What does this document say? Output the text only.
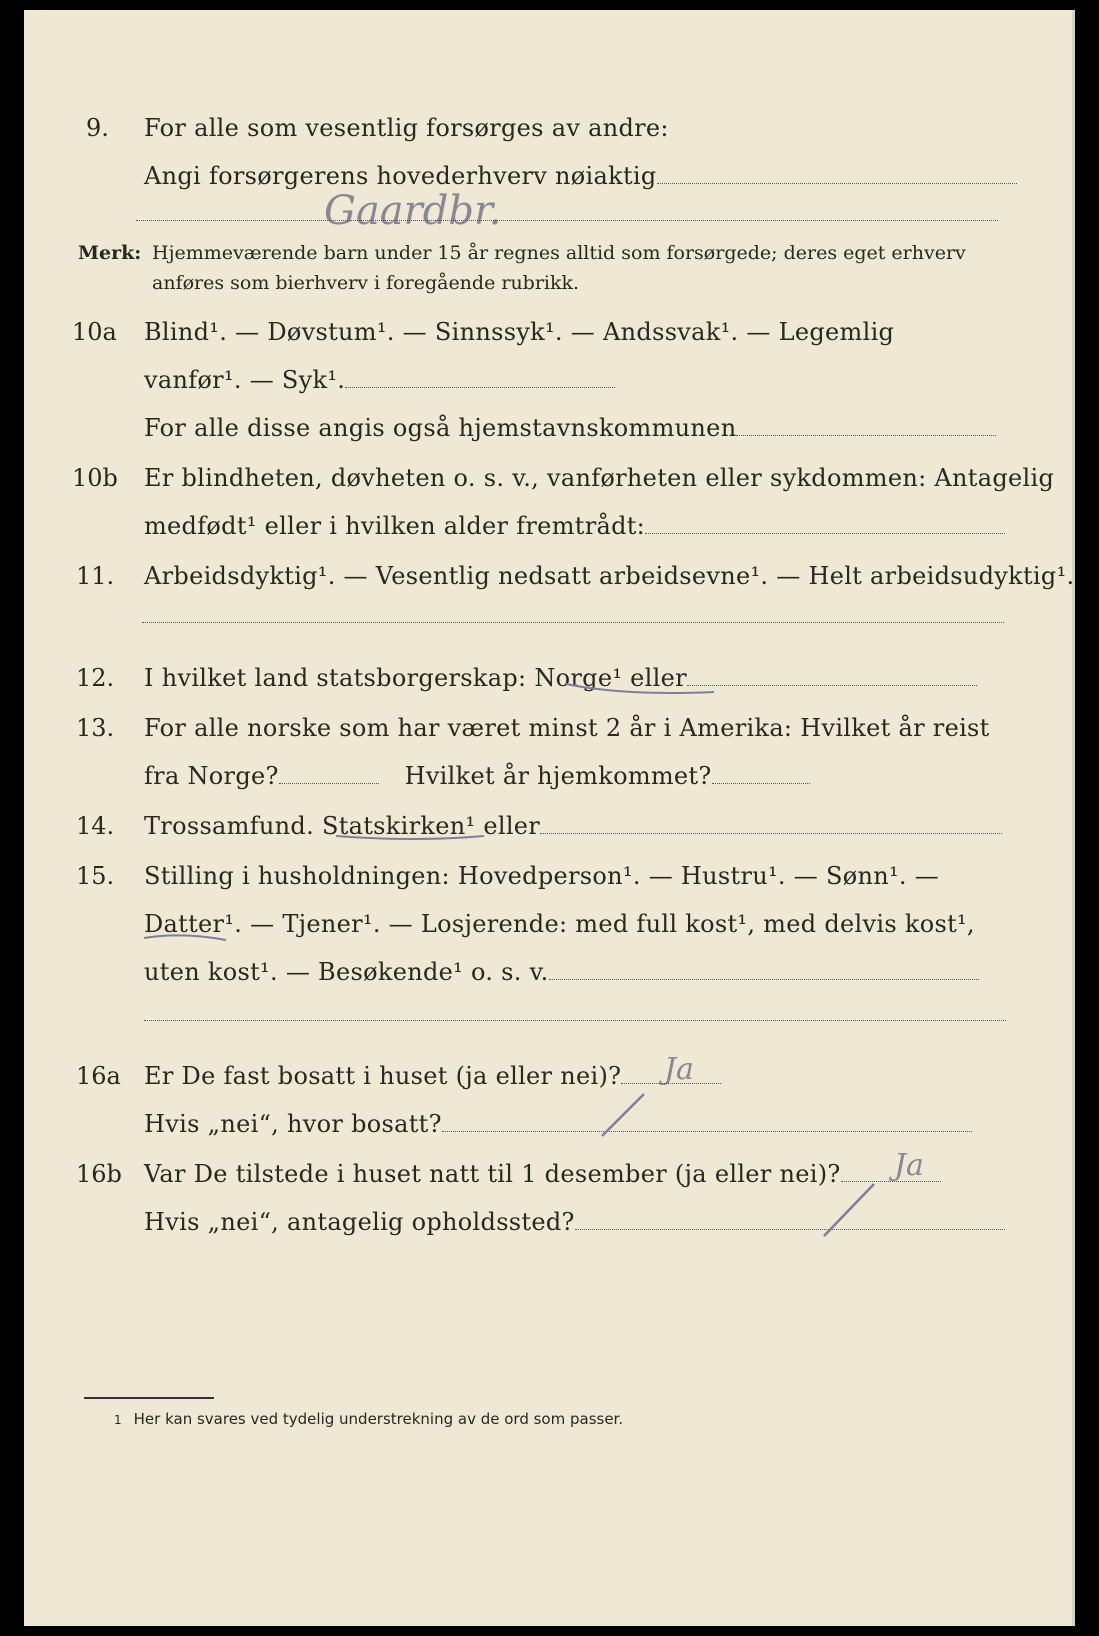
9. For alle som vesentlig forsørges av andre:
Angi forsørgerens hovederhverv nøiaktig
Gaardbr.
Merk: Hjemmeværende barn under 15 år regnes alltid som forsørgede; deres eget erhverv
anføres som bierhverv i foregående rubrikk.
10a Blind¹. — Døvstum¹. — Sinnssyk¹. — Andssvak¹. — Legemlig
vanfør¹. — Syk¹.
For alle disse angis også hjemstavnskommunen
10b Er blindheten, døvheten o. s. v., vanførheten eller sykdommen: Antagelig
medfødt¹ eller i hvilken alder fremtrådt:
11. Arbeidsdyktig¹. — Vesentlig nedsatt arbeidsevne¹. — Helt arbeidsudyktig¹.
12. I hvilket land statsborgerskap: Norge¹ eller
13. For alle norske som har været minst 2 år i Amerika: Hvilket år reist
fra Norge?	Hvilket år hjemkommet?
14. Trossamfund. Statskirken¹ eller
15. Stilling i husholdningen: Hovedperson¹. — Hustru¹. — Sønn¹. —
Datter¹. — Tjener¹. — Losjerende: med full kost¹, med delvis kost¹,
uten kost¹. — Besøkende¹ o. s. v.
16a Er De fast bosatt i huset (ja eller nei)?	Ja
Hvis „nei“, hvor bosatt?
16b Var De tilstede i huset natt til 1 desember (ja eller nei)?	Ja
Hvis „nei“, antagelig opholdssted?
1 Her kan svares ved tydelig understrekning av de ord som passer.
